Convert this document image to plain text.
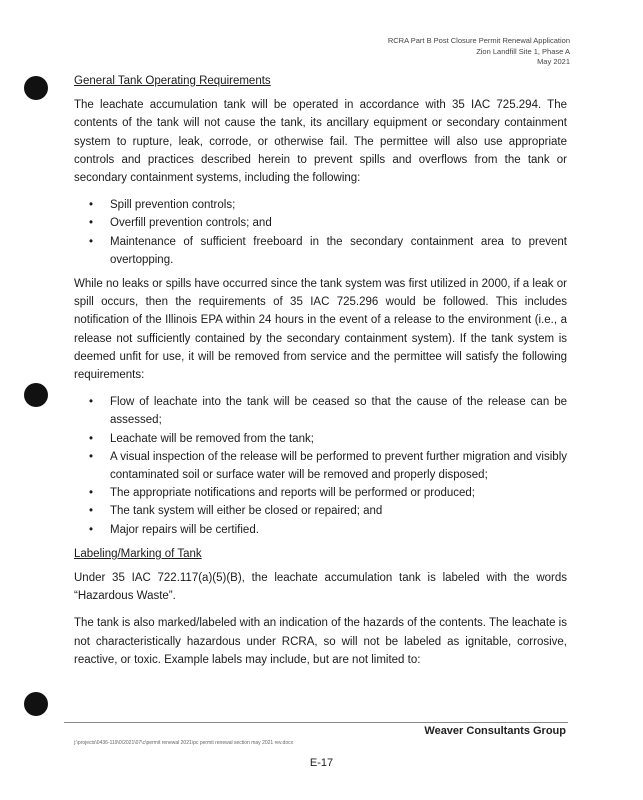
RCRA Part B Post Closure Permit Renewal Application
Zion Landfill Site 1, Phase A
May 2021
General Tank Operating Requirements

The leachate accumulation tank will be operated in accordance with 35 IAC 725.294. The contents of the tank will not cause the tank, its ancillary equipment or secondary containment system to rupture, leak, corrode, or otherwise fail. The permittee will also use appropriate controls and practices described herein to prevent spills and overflows from the tank or secondary containment systems, including the following:

• Spill prevention controls;
• Overfill prevention controls; and
• Maintenance of sufficient freeboard in the secondary containment area to prevent overtopping.

While no leaks or spills have occurred since the tank system was first utilized in 2000, if a leak or spill occurs, then the requirements of 35 IAC 725.296 would be followed. This includes notification of the Illinois EPA within 24 hours in the event of a release to the environment (i.e., a release not sufficiently contained by the secondary containment system). If the tank system is deemed unfit for use, it will be removed from service and the permittee will satisfy the following requirements:

• Flow of leachate into the tank will be ceased so that the cause of the release can be assessed;
• Leachate will be removed from the tank;
• A visual inspection of the release will be performed to prevent further migration and visibly contaminated soil or surface water will be removed and properly disposed;
• The appropriate notifications and reports will be performed or produced;
• The tank system will either be closed or repaired; and
• Major repairs will be certified.
Labeling/Marking of Tank

Under 35 IAC 722.117(a)(5)(B), the leachate accumulation tank is labeled with the words “Hazardous Waste”.

The tank is also marked/labeled with an indication of the hazards of the contents. The leachate is not characteristically hazardous under RCRA, so will not be labeled as ignitable, corrosive, reactive, or toxic. Example labels may include, but are not limited to:

Weaver Consultants Group
j:\projects\0436-119\0\2021\07\c\permit renewal 2021\pc permit renewal section may 2021 rev.docx
E-17
